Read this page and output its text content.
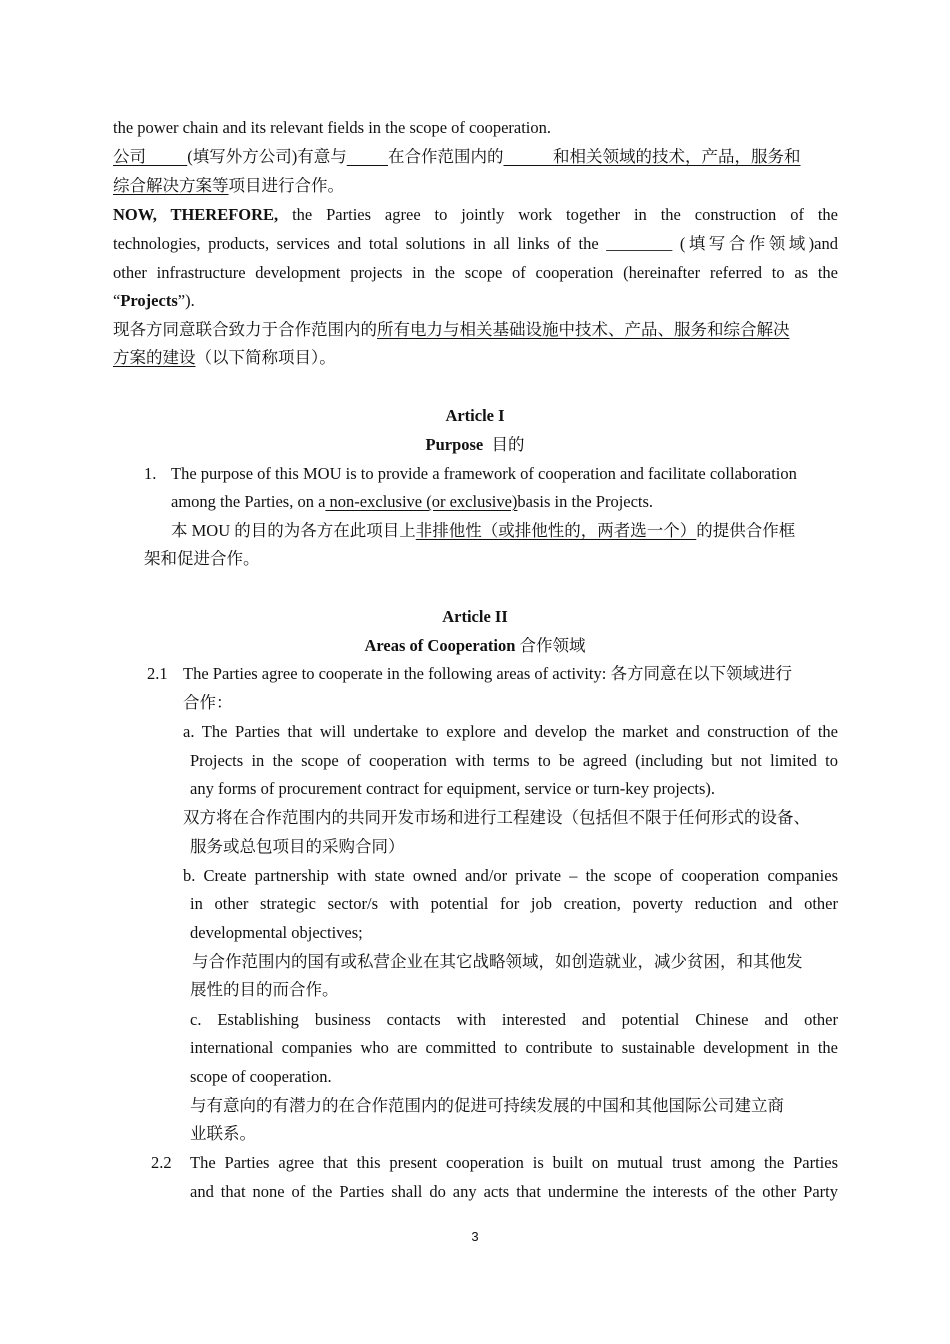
the power chain and its relevant fields in the scope of cooperation.
公司	(填写外方公司)有意与	在合作范围内的	和相关领域的技术，产品，服务和
综合解决方案等项目进行合作。
NOW, THEREFORE, the Parties agree to jointly work together in the construction of the
technologies, products, services and total solutions in all links of the ________ (填写合作领域)and
other infrastructure development projects in the scope of cooperation (hereinafter referred to as the
“Projects”).
现各方同意联合致力于合作范围内的所有电力与相关基础设施中技术、产品、服务和综合解决
方案的建设（以下简称项目）。
Article I
Purpose 目的
1. The purpose of this MOU is to provide a framework of cooperation and facilitate collaboration
among the Parties, on a non-exclusive (or exclusive)basis in the Projects.
本 MOU 的目的为各方在此项目上非排他性（或排他性的，两者选一个）的提供合作框
架和促进合作。
Article II
Areas of Cooperation 合作领域
2.1 The Parties agree to cooperate in the following areas of activity: 各方同意在以下领域进行
合作：
a. The Parties that will undertake to explore and develop the market and construction of the
Projects in the scope of cooperation with terms to be agreed (including but not limited to
any forms of procurement contract for equipment, service or turn-key projects).
双方将在合作范围内的共同开发市场和进行工程建设（包括但不限于任何形式的设备、
服务或总包项目的采购合同）
b. Create partnership with state owned and/or private – the scope of cooperation companies
in other strategic sector/s with potential for job creation, poverty reduction and other
developmental objectives;
与合作范围内的国有或私营企业在其它战略领域，如创造就业，减少贫困，和其他发
展性的目的而合作。
c. Establishing business contacts with interested and potential Chinese and other
international companies who are committed to contribute to sustainable development in the
scope of cooperation.
与有意向的有潜力的在合作范围内的促进可持续发展的中国和其他国际公司建立商
业联系。
2.2 The Parties agree that this present cooperation is built on mutual trust among the Parties
and that none of the Parties shall do any acts that undermine the interests of the other Party
3
